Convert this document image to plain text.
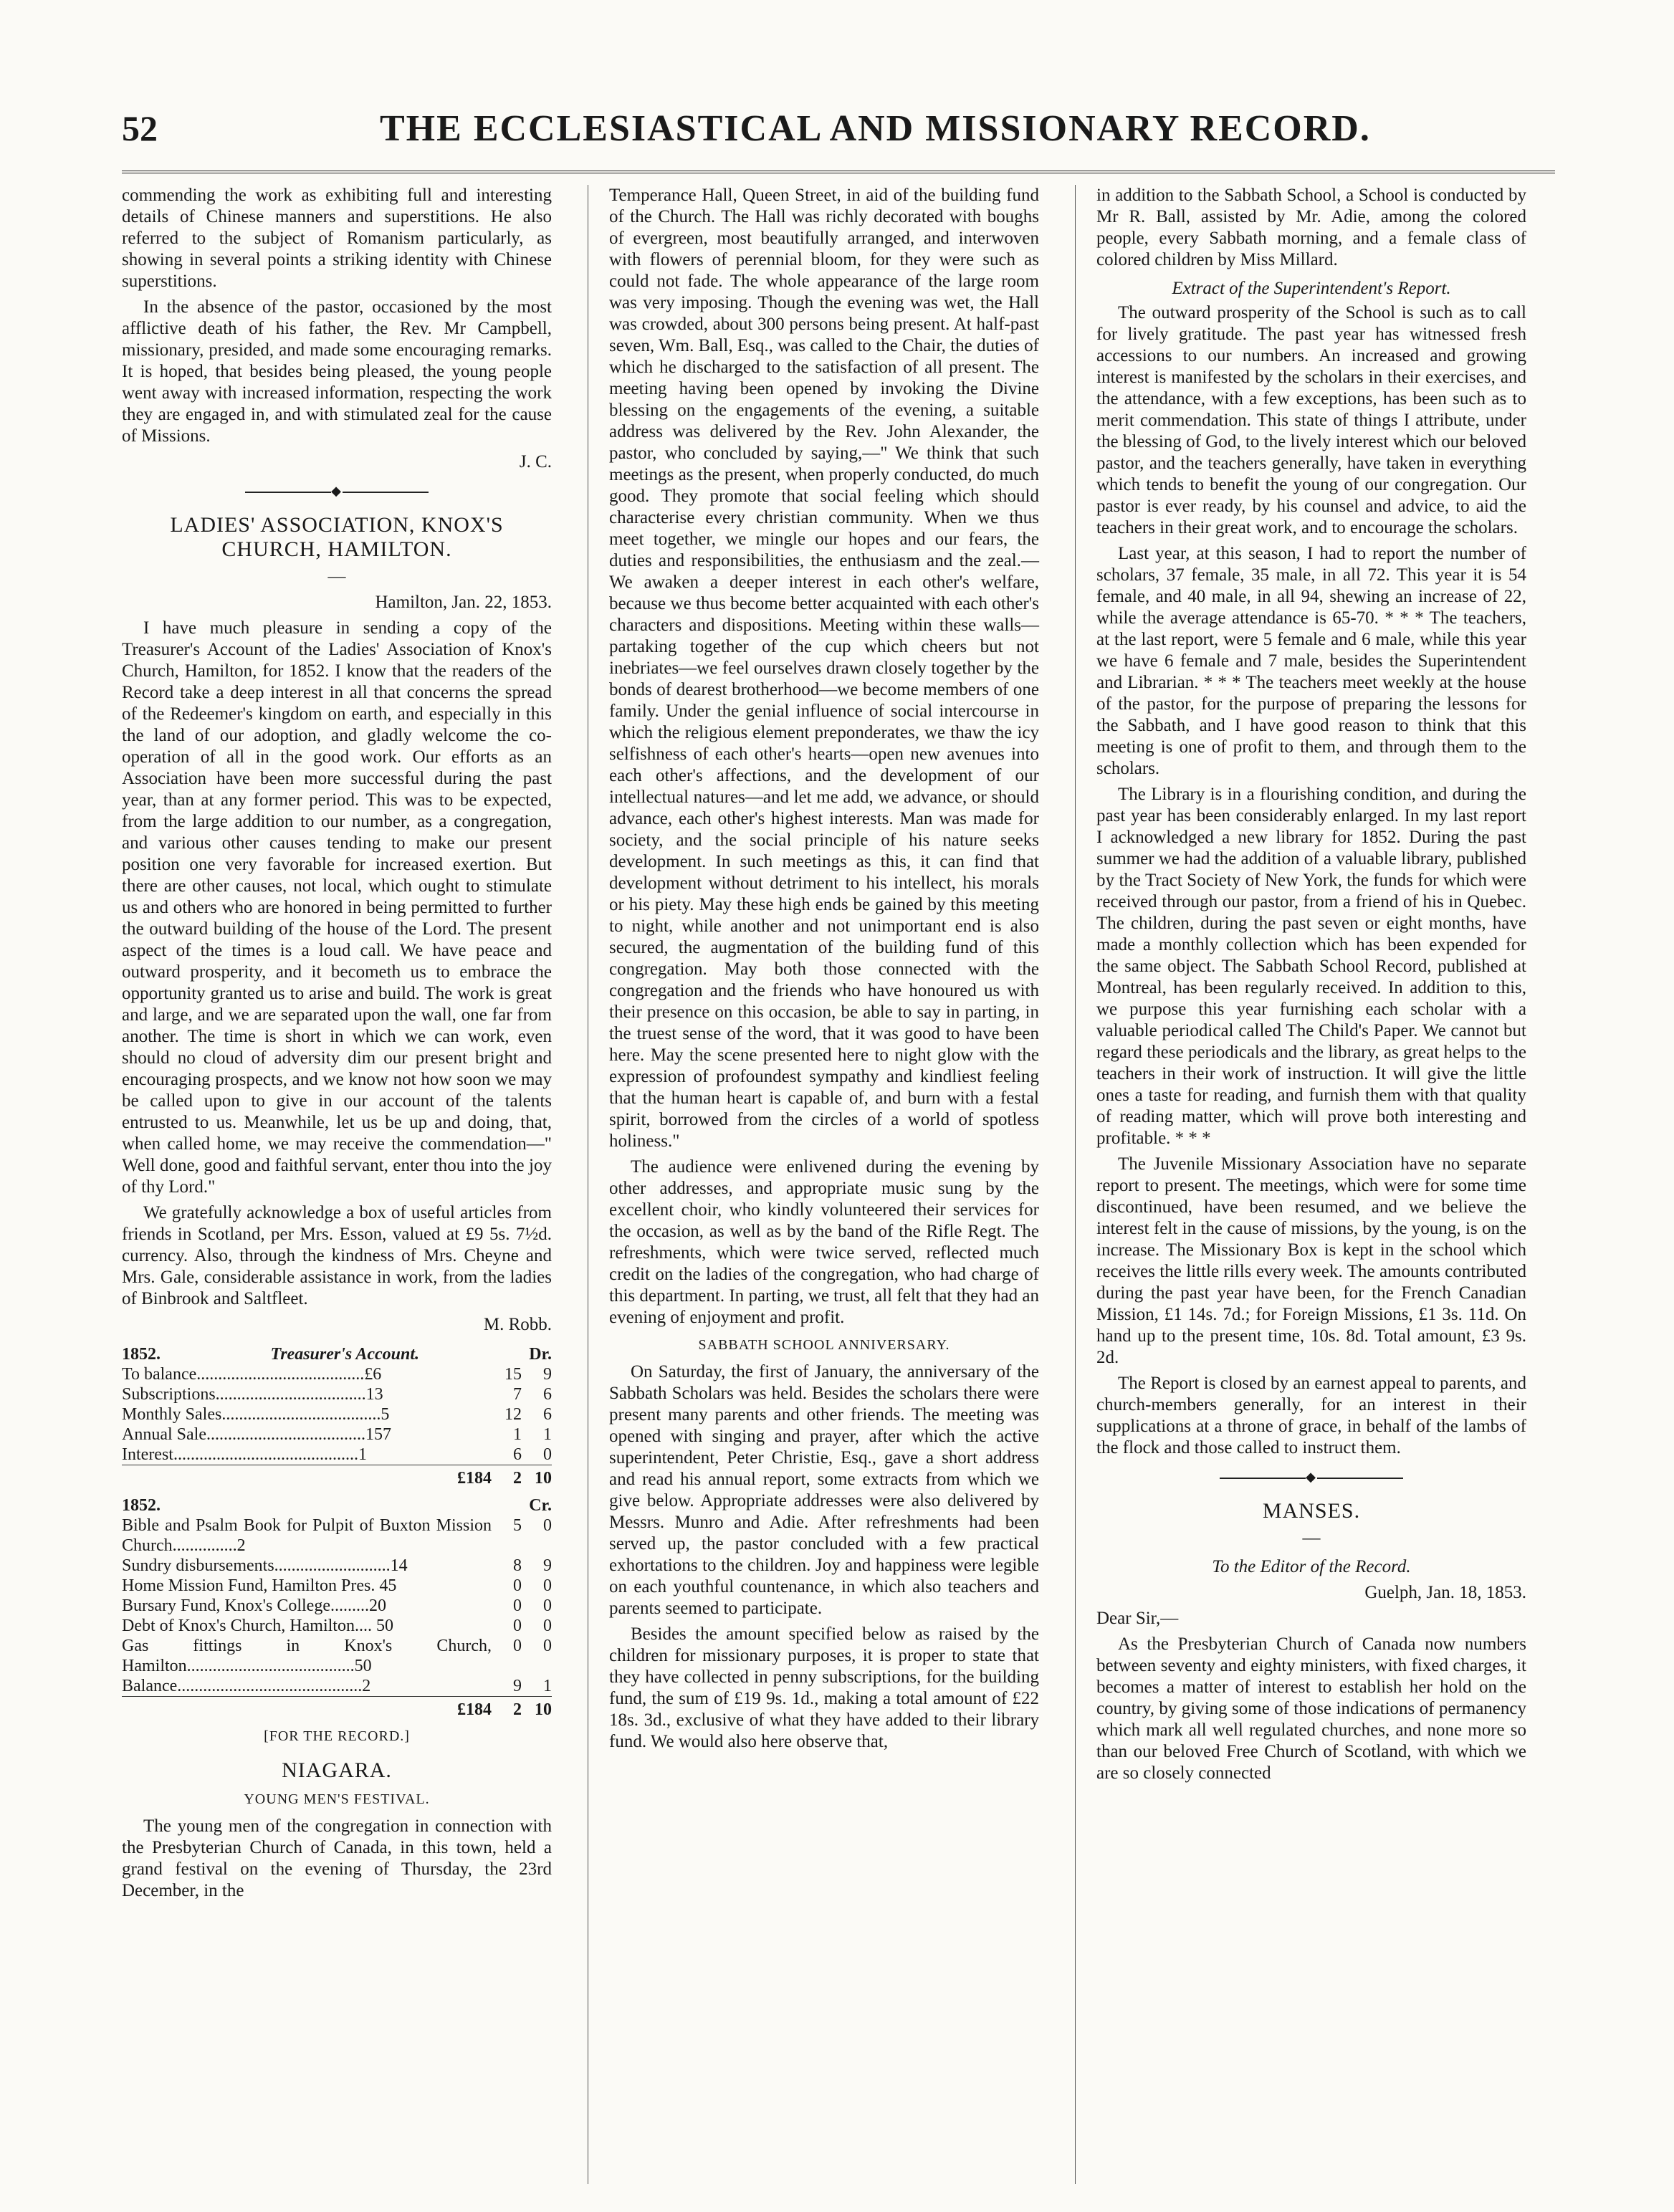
52	THE ECCLESIASTICAL AND MISSIONARY RECORD.

commending the work as exhibiting full and interesting details of Chinese manners and superstitions. He also referred to the subject of Romanism particularly, as showing in several points a striking identity with Chinese superstitions.

In the absence of the pastor, occasioned by the most afflictive death of his father, the Rev. Mr Campbell, missionary, presided, and made some encouraging remarks. It is hoped, that besides being pleased, the young people went away with increased information, respecting the work they are engaged in, and with stimulated zeal for the cause of Missions.

J. C.
◆
LADIES' ASSOCIATION, KNOX'S CHURCH, HAMILTON.
—
Hamilton, Jan. 22, 1853.

I have much pleasure in sending a copy of the Treasurer's Account of the Ladies' Association of Knox's Church, Hamilton, for 1852. I know that the readers of the Record take a deep interest in all that concerns the spread of the Redeemer's kingdom on earth, and especially in this the land of our adoption, and gladly welcome the co-operation of all in the good work. Our efforts as an Association have been more successful during the past year, than at any former period. This was to be expected, from the large addition to our number, as a congregation, and various other causes tending to make our present position one very favorable for increased exertion. But there are other causes, not local, which ought to stimulate us and others who are honored in being permitted to further the outward building of the house of the Lord. The present aspect of the times is a loud call. We have peace and outward prosperity, and it becometh us to embrace the opportunity granted us to arise and build. The work is great and large, and we are separated upon the wall, one far from another. The time is short in which we can work, even should no cloud of adversity dim our present bright and encouraging prospects, and we know not how soon we may be called upon to give in our account of the talents entrusted to us. Meanwhile, let us be up and doing, that, when called home, we may receive the commendation—" Well done, good and faithful servant, enter thou into the joy of thy Lord."

We gratefully acknowledge a box of useful articles from friends in Scotland, per Mrs. Esson, valued at £9 5s. 7½d. currency. Also, through the kindness of Mrs. Cheyne and Mrs. Gale, considerable assistance in work, from the ladies of Binbrook and Saltfleet.

M. Robb.
1852.	Treasurer's Account.		Dr.
To balance.......................................£6		15	9
Subscriptions...................................13		7	6
Monthly Sales.....................................5		12	6
Annual Sale.....................................157		1	1
Interest...........................................1		6	0
£184		2	10
1852.		Cr.
Bible and Psalm Book for Pulpit of Buxton Mission Church...............2	5	0
Sundry disbursements...........................14	8	9
Home Mission Fund, Hamilton Pres. 45	0	0
Bursary Fund, Knox's College.........20	0	0
Debt of Knox's Church, Hamilton.... 50	0	0
Gas fittings in Knox's Church, Hamilton.......................................50	0	0
Balance...........................................2	9	1
£184	2	10
[FOR THE RECORD.]
NIAGARA.
YOUNG MEN'S FESTIVAL.

The young men of the congregation in connection with the Presbyterian Church of Canada, in this town, held a grand festival on the evening of Thursday, the 23rd December, in the

Temperance Hall, Queen Street, in aid of the building fund of the Church. The Hall was richly decorated with boughs of evergreen, most beautifully arranged, and interwoven with flowers of perennial bloom, for they were such as could not fade. The whole appearance of the large room was very imposing. Though the evening was wet, the Hall was crowded, about 300 persons being present. At half-past seven, Wm. Ball, Esq., was called to the Chair, the duties of which he discharged to the satisfaction of all present. The meeting having been opened by invoking the Divine blessing on the engagements of the evening, a suitable address was delivered by the Rev. John Alexander, the pastor, who concluded by saying,—" We think that such meetings as the present, when properly conducted, do much good. They promote that social feeling which should characterise every christian community. When we thus meet together, we mingle our hopes and our fears, the duties and responsibilities, the enthusiasm and the zeal.— We awaken a deeper interest in each other's welfare, because we thus become better acquainted with each other's characters and dispositions. Meeting within these walls—partaking together of the cup which cheers but not inebriates—we feel ourselves drawn closely together by the bonds of dearest brotherhood—we become members of one family. Under the genial influence of social intercourse in which the religious element preponderates, we thaw the icy selfishness of each other's hearts—open new avenues into each other's affections, and the development of our intellectual natures—and let me add, we advance, or should advance, each other's highest interests. Man was made for society, and the social principle of his nature seeks development. In such meetings as this, it can find that development without detriment to his intellect, his morals or his piety. May these high ends be gained by this meeting to night, while another and not unimportant end is also secured, the augmentation of the building fund of this congregation. May both those connected with the congregation and the friends who have honoured us with their presence on this occasion, be able to say in parting, in the truest sense of the word, that it was good to have been here. May the scene presented here to night glow with the expression of profoundest sympathy and kindliest feeling that the human heart is capable of, and burn with a festal spirit, borrowed from the circles of a world of spotless holiness."

The audience were enlivened during the evening by other addresses, and appropriate music sung by the excellent choir, who kindly volunteered their services for the occasion, as well as by the band of the Rifle Regt. The refreshments, which were twice served, reflected much credit on the ladies of the congregation, who had charge of this department. In parting, we trust, all felt that they had an evening of enjoyment and profit.

SABBATH SCHOOL ANNIVERSARY.

On Saturday, the first of January, the anniversary of the Sabbath Scholars was held. Besides the scholars there were present many parents and other friends. The meeting was opened with singing and prayer, after which the active superintendent, Peter Christie, Esq., gave a short address and read his annual report, some extracts from which we give below. Appropriate addresses were also delivered by Messrs. Munro and Adie. After refreshments had been served up, the pastor concluded with a few practical exhortations to the children. Joy and happiness were legible on each youthful countenance, in which also teachers and parents seemed to participate.

Besides the amount specified below as raised by the children for missionary purposes, it is proper to state that they have collected in penny subscriptions, for the building fund, the sum of £19 9s. 1d., making a total amount of £22 18s. 3d., exclusive of what they have added to their library fund. We would also here observe that,

in addition to the Sabbath School, a School is conducted by Mr R. Ball, assisted by Mr. Adie, among the colored people, every Sabbath morning, and a female class of colored children by Miss Millard.

Extract of the Superintendent's Report.

The outward prosperity of the School is such as to call for lively gratitude. The past year has witnessed fresh accessions to our numbers. An increased and growing interest is manifested by the scholars in their exercises, and the attendance, with a few exceptions, has been such as to merit commendation. This state of things I attribute, under the blessing of God, to the lively interest which our beloved pastor, and the teachers generally, have taken in everything which tends to benefit the young of our congregation. Our pastor is ever ready, by his counsel and advice, to aid the teachers in their great work, and to encourage the scholars.

Last year, at this season, I had to report the number of scholars, 37 female, 35 male, in all 72. This year it is 54 female, and 40 male, in all 94, shewing an increase of 22, while the average attendance is 65-70. * * * The teachers, at the last report, were 5 female and 6 male, while this year we have 6 female and 7 male, besides the Superintendent and Librarian. * * * The teachers meet weekly at the house of the pastor, for the purpose of preparing the lessons for the Sabbath, and I have good reason to think that this meeting is one of profit to them, and through them to the scholars.

The Library is in a flourishing condition, and during the past year has been considerably enlarged. In my last report I acknowledged a new library for 1852. During the past summer we had the addition of a valuable library, published by the Tract Society of New York, the funds for which were received through our pastor, from a friend of his in Quebec. The children, during the past seven or eight months, have made a monthly collection which has been expended for the same object. The Sabbath School Record, published at Montreal, has been regularly received. In addition to this, we purpose this year furnishing each scholar with a valuable periodical called The Child's Paper. We cannot but regard these periodicals and the library, as great helps to the teachers in their work of instruction. It will give the little ones a taste for reading, and furnish them with that quality of reading matter, which will prove both interesting and profitable. * * *

The Juvenile Missionary Association have no separate report to present. The meetings, which were for some time discontinued, have been resumed, and we believe the interest felt in the cause of missions, by the young, is on the increase. The Missionary Box is kept in the school which receives the little rills every week. The amounts contributed during the past year have been, for the French Canadian Mission, £1 14s. 7d.; for Foreign Missions, £1 3s. 11d. On hand up to the present time, 10s. 8d. Total amount, £3 9s. 2d.

The Report is closed by an earnest appeal to parents, and church-members generally, for an interest in their supplications at a throne of grace, in behalf of the lambs of the flock and those called to instruct them.

◆
MANSES.
—
To the Editor of the Record.
Guelph, Jan. 18, 1853.

Dear Sir,—

As the Presbyterian Church of Canada now numbers between seventy and eighty ministers, with fixed charges, it becomes a matter of interest to establish her hold on the country, by giving some of those indications of permanency which mark all well regulated churches, and none more so than our beloved Free Church of Scotland, with which we are so closely connected
